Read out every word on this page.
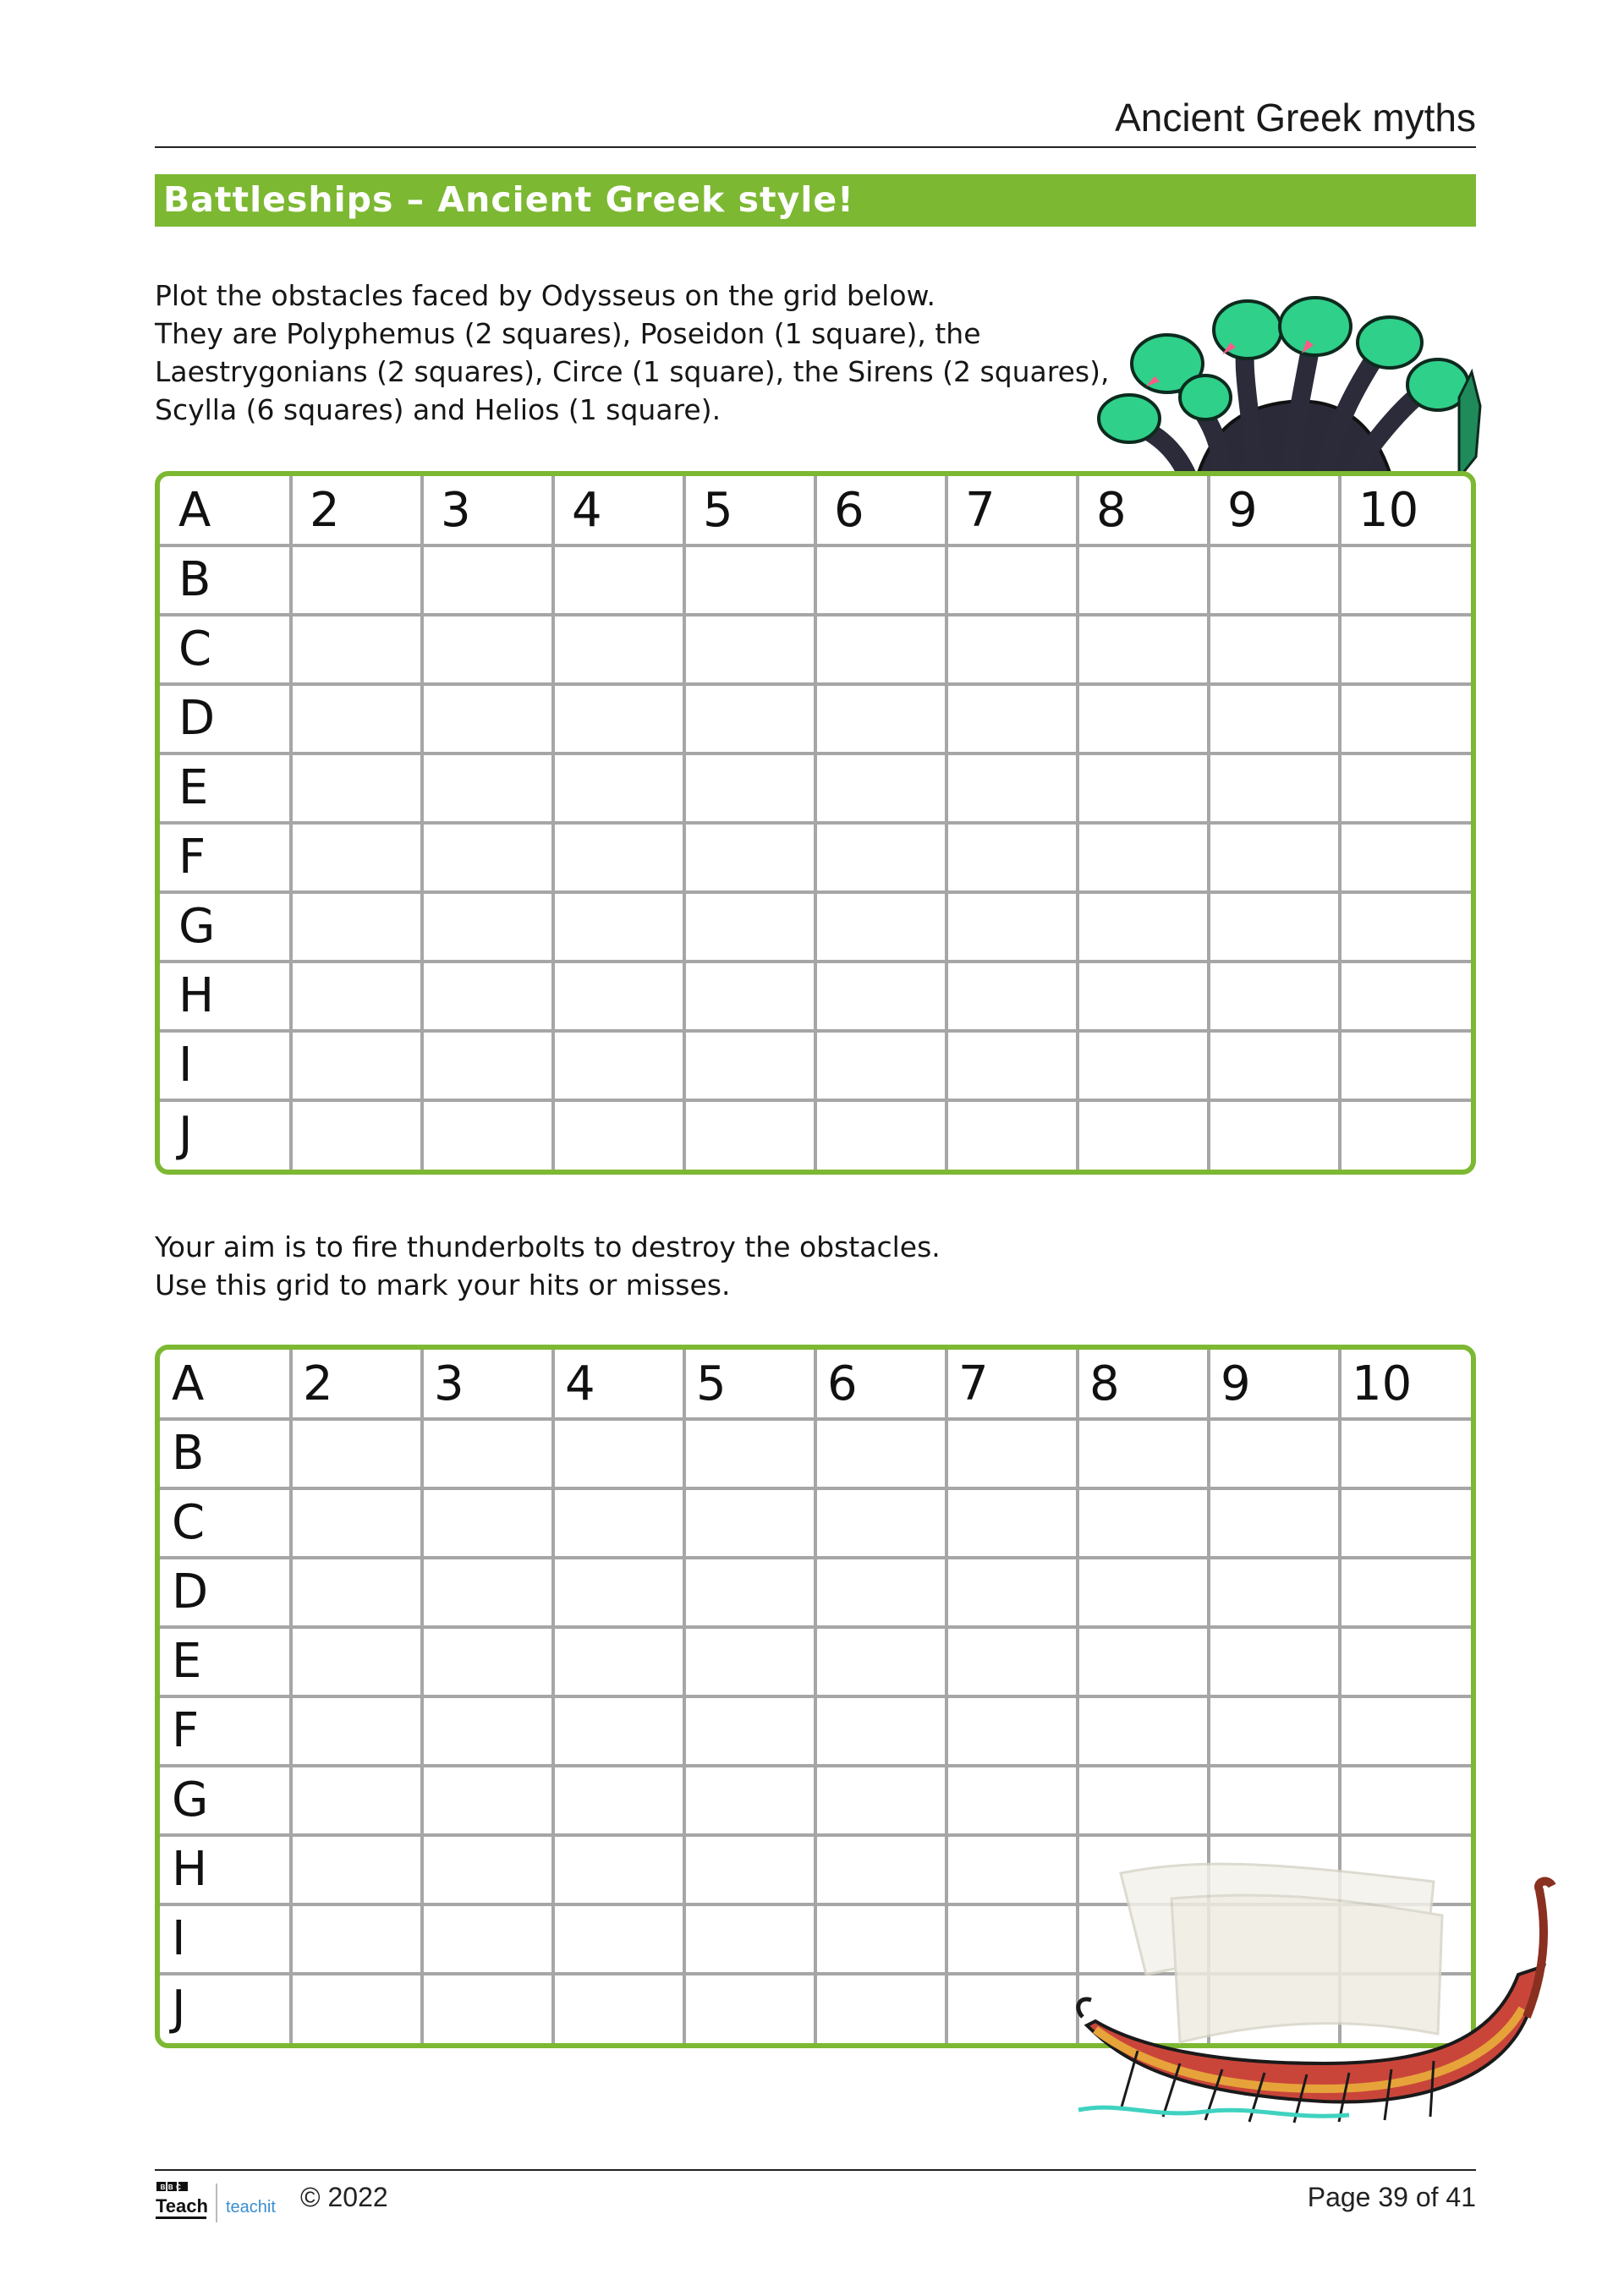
Ancient Greek myths
Battleships – Ancient Greek style!
Plot the obstacles faced by Odysseus on the grid below.
They are Polyphemus (2 squares), Poseidon (1 square), the
Laestrygonians (2 squares), Circe (1 square), the Sirens (2 squares),
Scylla (6 squares) and Helios (1 square).
A 2 3 4 5 6 7 8 9 10
B
C
D
E
F
G
H
I
J
Your aim is to fire thunderbolts to destroy the obstacles.
Use this grid to mark your hits or misses.
A 2 3 4 5 6 7 8 9 10
B
C
D
E
F
G
H
I
J
BBC
Teach teachit © 2022	Page 39 of 41
